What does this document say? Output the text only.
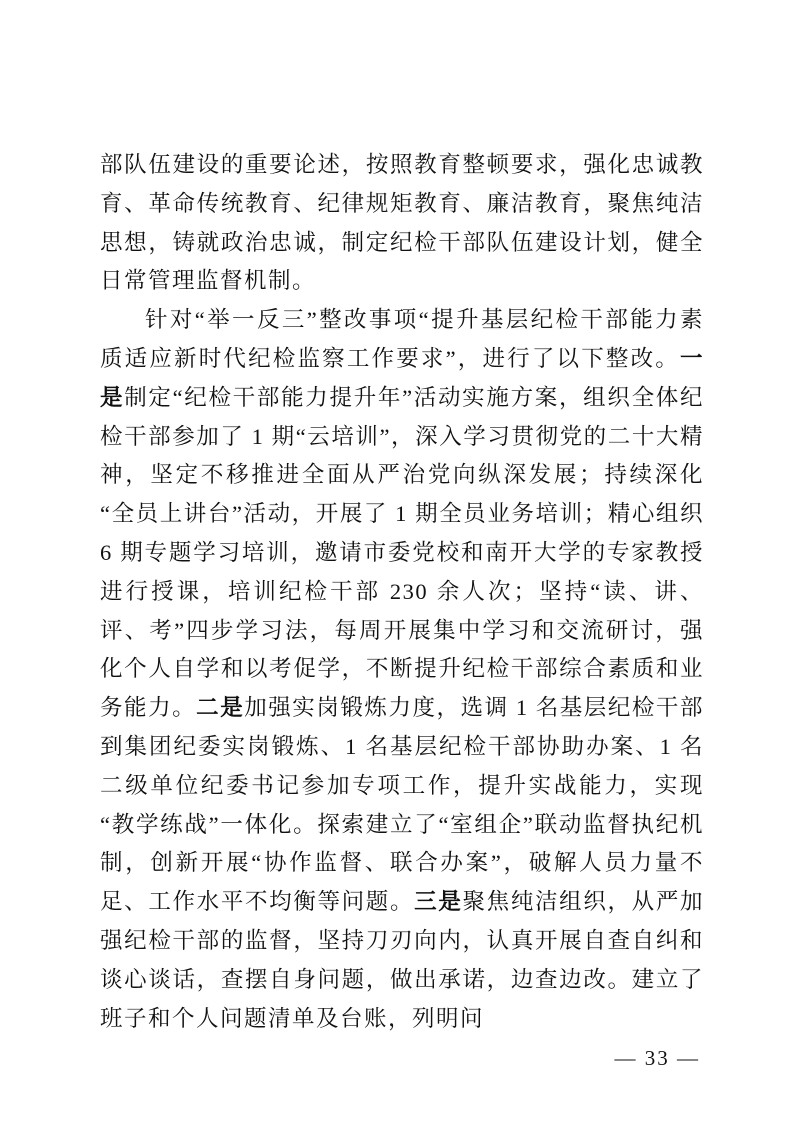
部队伍建设的重要论述，按照教育整顿要求，强化忠诚教育、革命传统教育、纪律规矩教育、廉洁教育，聚焦纯洁思想，铸就政治忠诚，制定纪检干部队伍建设计划，健全日常管理监督机制。

针对“举一反三”整改事项“提升基层纪检干部能力素质适应新时代纪检监察工作要求”，进行了以下整改。一是制定“纪检干部能力提升年”活动实施方案，组织全体纪检干部参加了 1 期“云培训”，深入学习贯彻党的二十大精神，坚定不移推进全面从严治党向纵深发展；持续深化“全员上讲台”活动，开展了 1 期全员业务培训；精心组织 6 期专题学习培训，邀请市委党校和南开大学的专家教授进行授课，培训纪检干部 230 余人次；坚持“读、讲、评、考”四步学习法，每周开展集中学习和交流研讨，强化个人自学和以考促学，不断提升纪检干部综合素质和业务能力。二是加强实岗锻炼力度，选调 1 名基层纪检干部到集团纪委实岗锻炼、1 名基层纪检干部协助办案、1 名二级单位纪委书记参加专项工作，提升实战能力，实现“教学练战”一体化。探索建立了“室组企”联动监督执纪机制，创新开展“协作监督、联合办案”，破解人员力量不足、工作水平不均衡等问题。三是聚焦纯洁组织，从严加强纪检干部的监督，坚持刀刃向内，认真开展自查自纠和谈心谈话，查摆自身问题，做出承诺，边查边改。建立了班子和个人问题清单及台账，列明问

— 33 —
